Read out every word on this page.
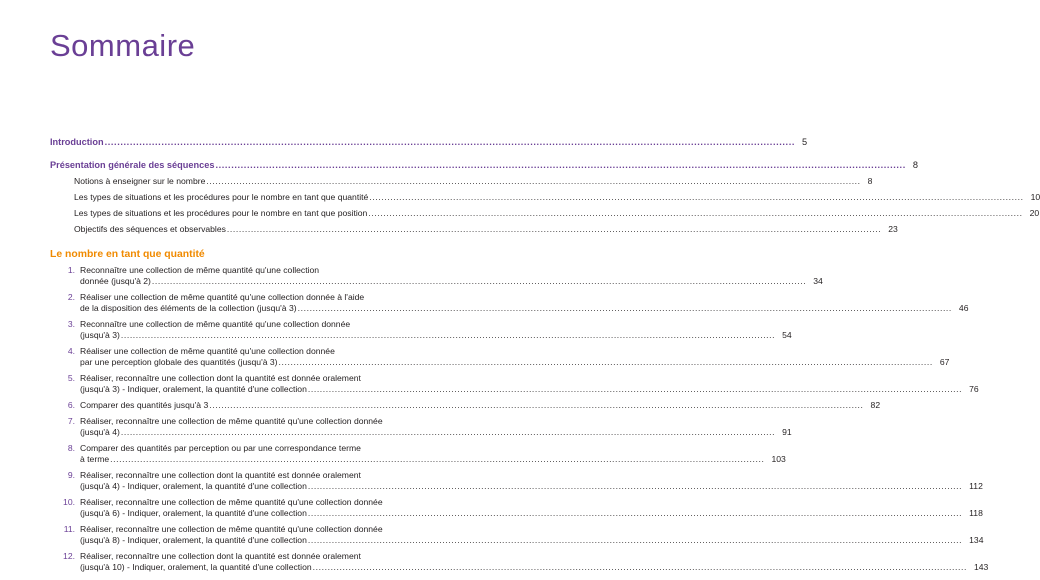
Sommaire
Introduction .....	5
Présentation générale des séquences .....	8
Notions à enseigner sur le nombre .....	8
Les types de situations et les procédures pour le nombre en tant que quantité .....	10
Les types de situations et les procédures pour le nombre en tant que position .....	20
Objectifs des séquences et observables .....	23
Le nombre en tant que quantité
1. Reconnaître une collection de même quantité qu'une collection
donnée (jusqu'à 2) .....	34
2. Réaliser une collection de même quantité qu'une collection donnée à l'aide
de la disposition des éléments de la collection (jusqu'à 3) .....	46
3. Reconnaître une collection de même quantité qu'une collection donnée
(jusqu'à 3) .....	54
4. Réaliser une collection de même quantité qu'une collection donnée
par une perception globale des quantités (jusqu'à 3) .....	67
5. Réaliser, reconnaître une collection dont la quantité est donnée oralement
(jusqu'à 3) - Indiquer, oralement, la quantité d'une collection .....	76
6. Comparer des quantités jusqu'à 3 .....	82
7. Réaliser, reconnaître une collection de même quantité qu'une collection donnée
(jusqu'à 4) .....	91
8. Comparer des quantités par perception ou par une correspondance terme
à terme .....	103
9. Réaliser, reconnaître une collection dont la quantité est donnée oralement
(jusqu'à 4) - Indiquer, oralement, la quantité d'une collection .....	112
10. Réaliser, reconnaître une collection de même quantité qu'une collection donnée
(jusqu'à 6) - Indiquer, oralement, la quantité d'une collection .....	118
11. Réaliser, reconnaître une collection de même quantité qu'une collection donnée
(jusqu'à 8) - Indiquer, oralement, la quantité d'une collection .....	134
12. Réaliser, reconnaître une collection dont la quantité est donnée oralement
(jusqu'à 10) - Indiquer, oralement, la quantité d'une collection .....	143
